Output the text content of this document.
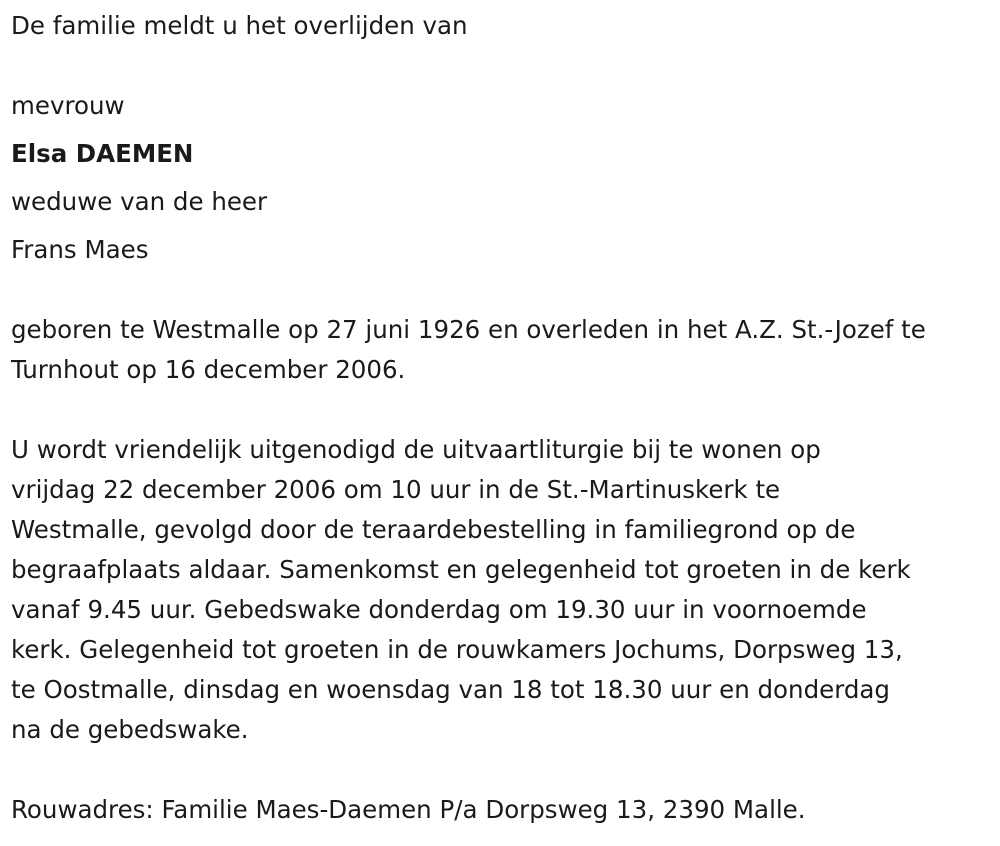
De familie meldt u het overlijden van

mevrouw

Elsa DAEMEN

weduwe van de heer

Frans Maes

geboren te Westmalle op 27 juni 1926 en overleden in het A.Z. St.-Jozef te
Turnhout op 16 december 2006.

U wordt vriendelijk uitgenodigd de uitvaartliturgie bij te wonen op
vrijdag 22 december 2006 om 10 uur in de St.-Martinuskerk te
Westmalle, gevolgd door de teraardebestelling in familiegrond op de
begraafplaats aldaar. Samenkomst en gelegenheid tot groeten in de kerk
vanaf 9.45 uur. Gebedswake donderdag om 19.30 uur in voornoemde
kerk. Gelegenheid tot groeten in de rouwkamers Jochums, Dorpsweg 13,
te Oostmalle, dinsdag en woensdag van 18 tot 18.30 uur en donderdag
na de gebedswake.

Rouwadres: Familie Maes-Daemen P/a Dorpsweg 13, 2390 Malle.
